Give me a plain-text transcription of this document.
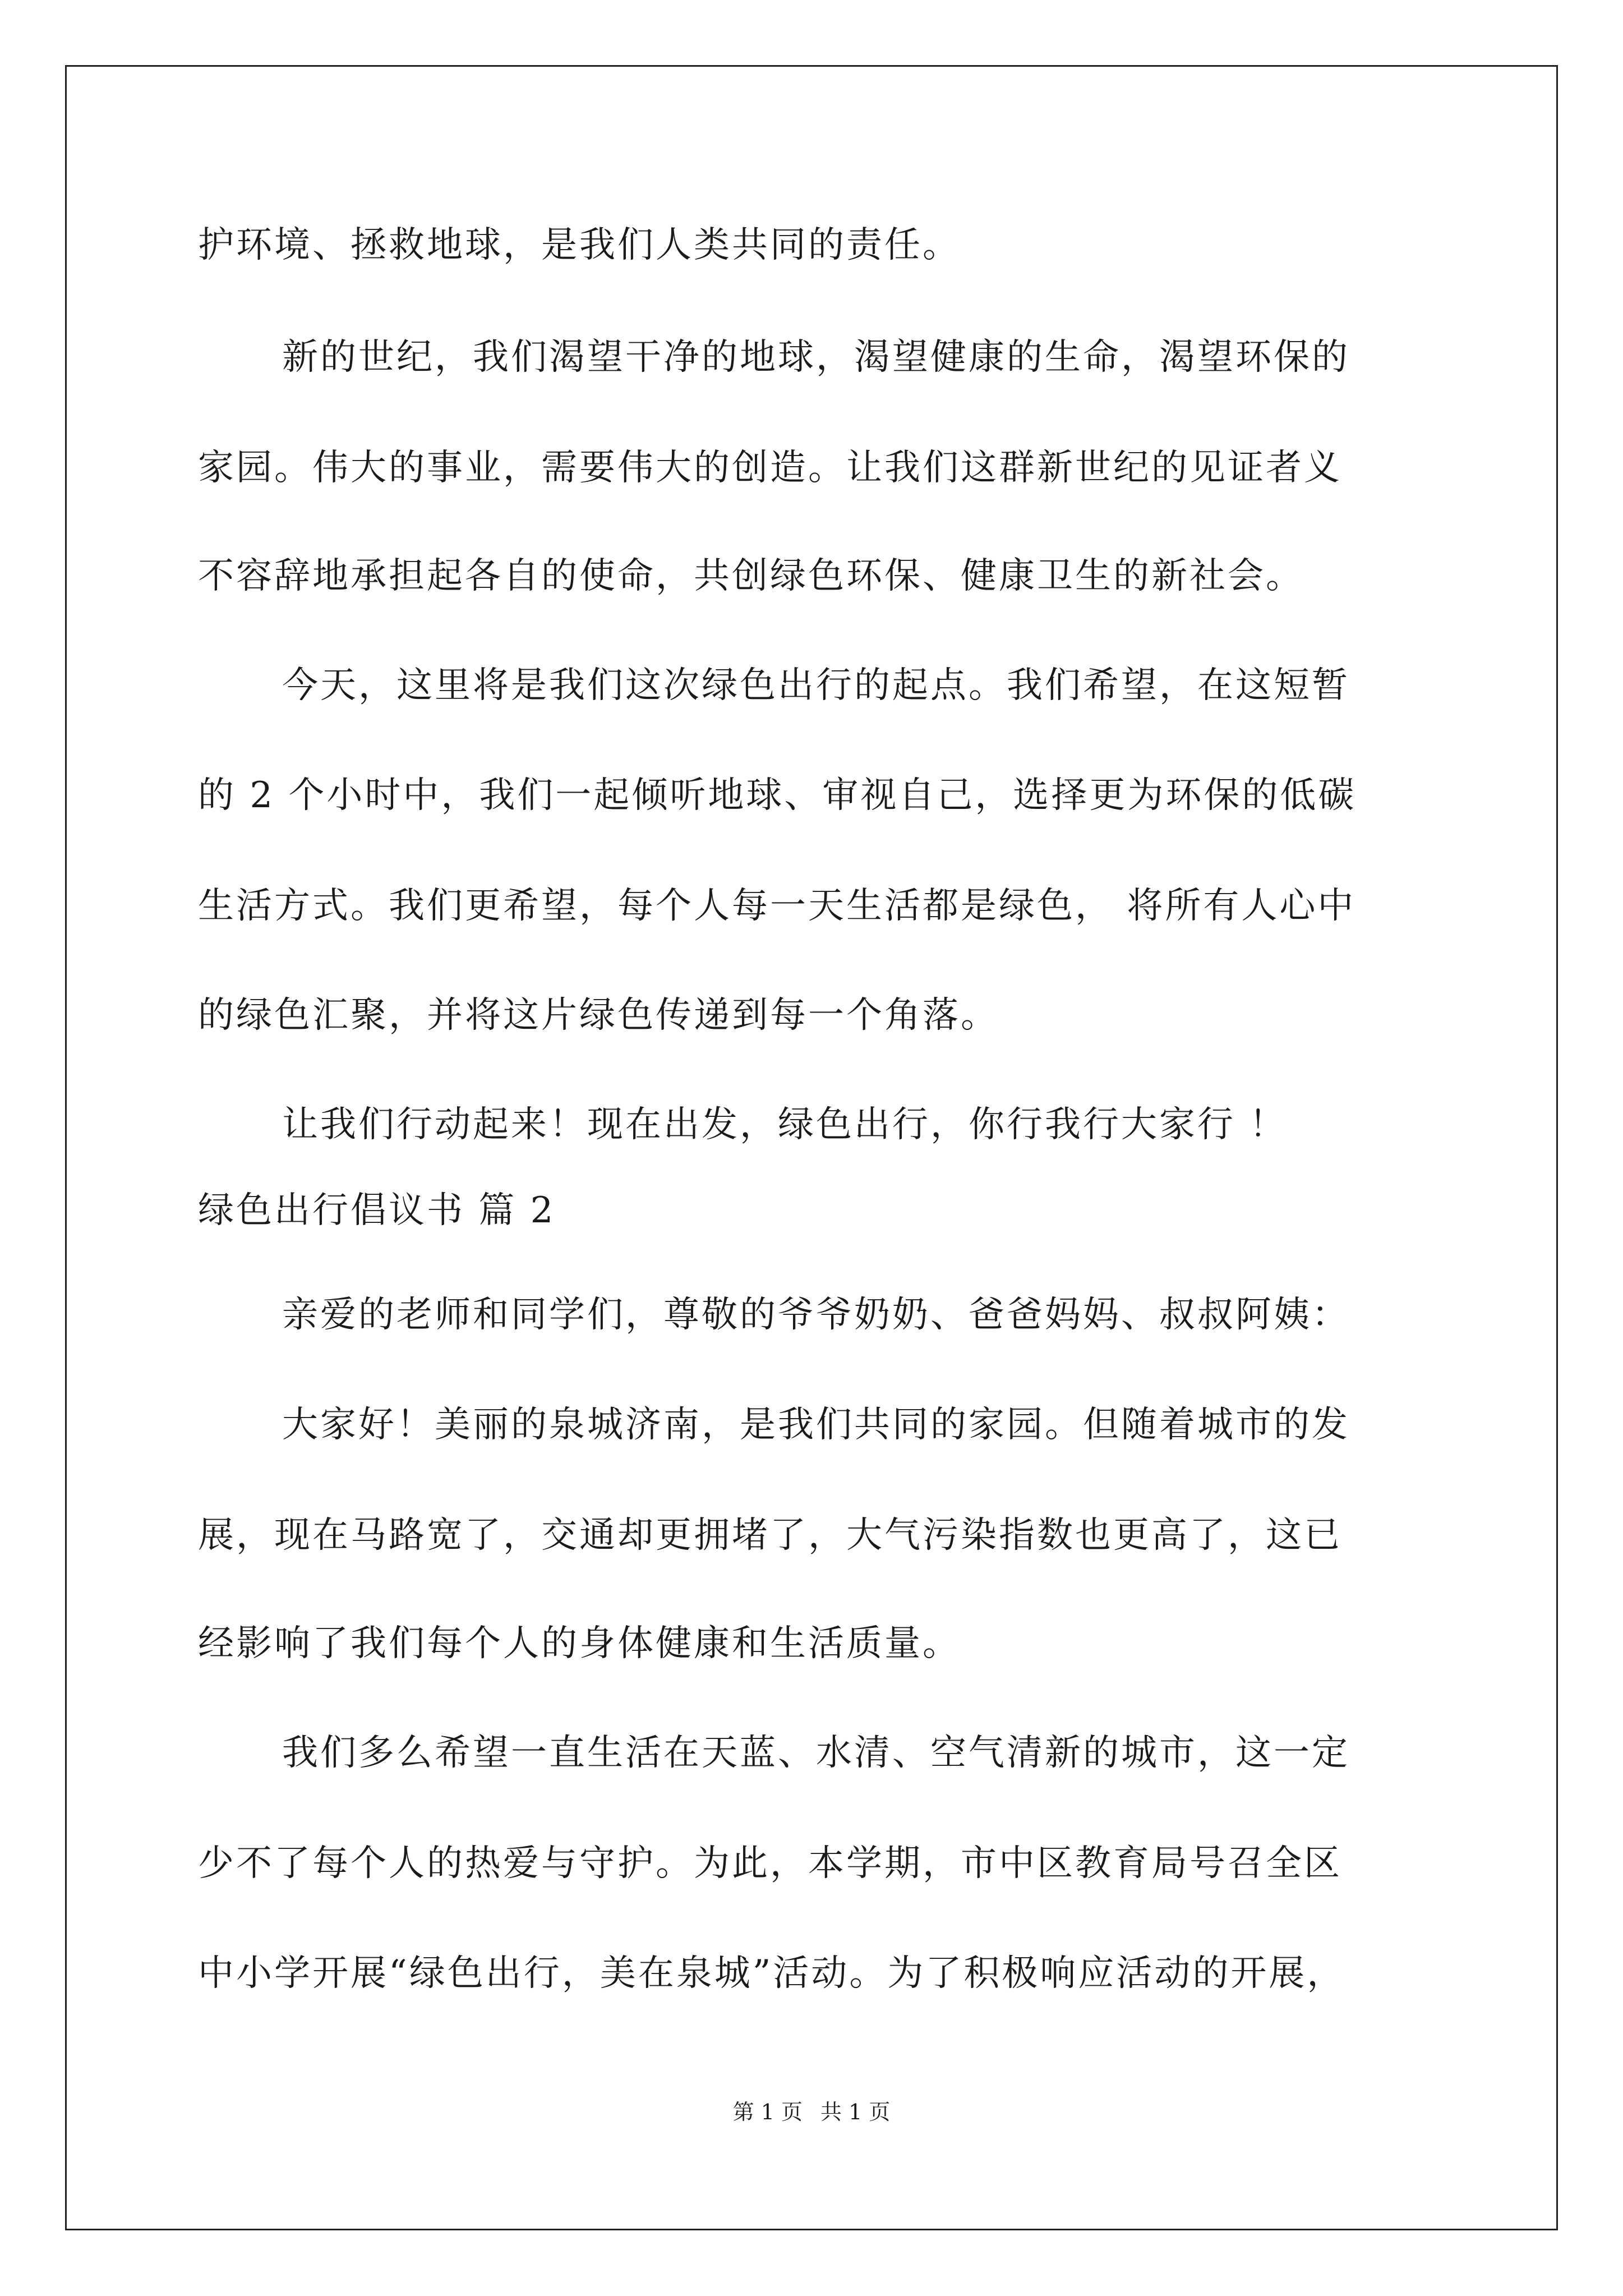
护环境、拯救地球，是我们人类共同的责任。
新的世纪，我们渴望干净的地球，渴望健康的生命，渴望环保的
家园。伟大的事业，需要伟大的创造。让我们这群新世纪的见证者义
不容辞地承担起各自的使命，共创绿色环保、健康卫生的新社会。
今天，这里将是我们这次绿色出行的起点。我们希望，在这短暂
的 2 个小时中，我们一起倾听地球、审视自己，选择更为环保的低碳
生活方式。我们更希望，每个人每一天生活都是绿色， 将所有人心中
的绿色汇聚，并将这片绿色传递到每一个角落。
让我们行动起来！现在出发，绿色出行，你行我行大家行 ！
绿色出行倡议书 篇 2
亲爱的老师和同学们，尊敬的爷爷奶奶、爸爸妈妈、叔叔阿姨：
大家好！美丽的泉城济南，是我们共同的家园。但随着城市的发
展，现在马路宽了，交通却更拥堵了，大气污染指数也更高了，这已
经影响了我们每个人的身体健康和生活质量。
我们多么希望一直生活在天蓝、水清、空气清新的城市，这一定
少不了每个人的热爱与守护。为此，本学期，市中区教育局号召全区
中小学开展“绿色出行，美在泉城”活动。为了积极响应活动的开展，
第 1 页 共 1 页
